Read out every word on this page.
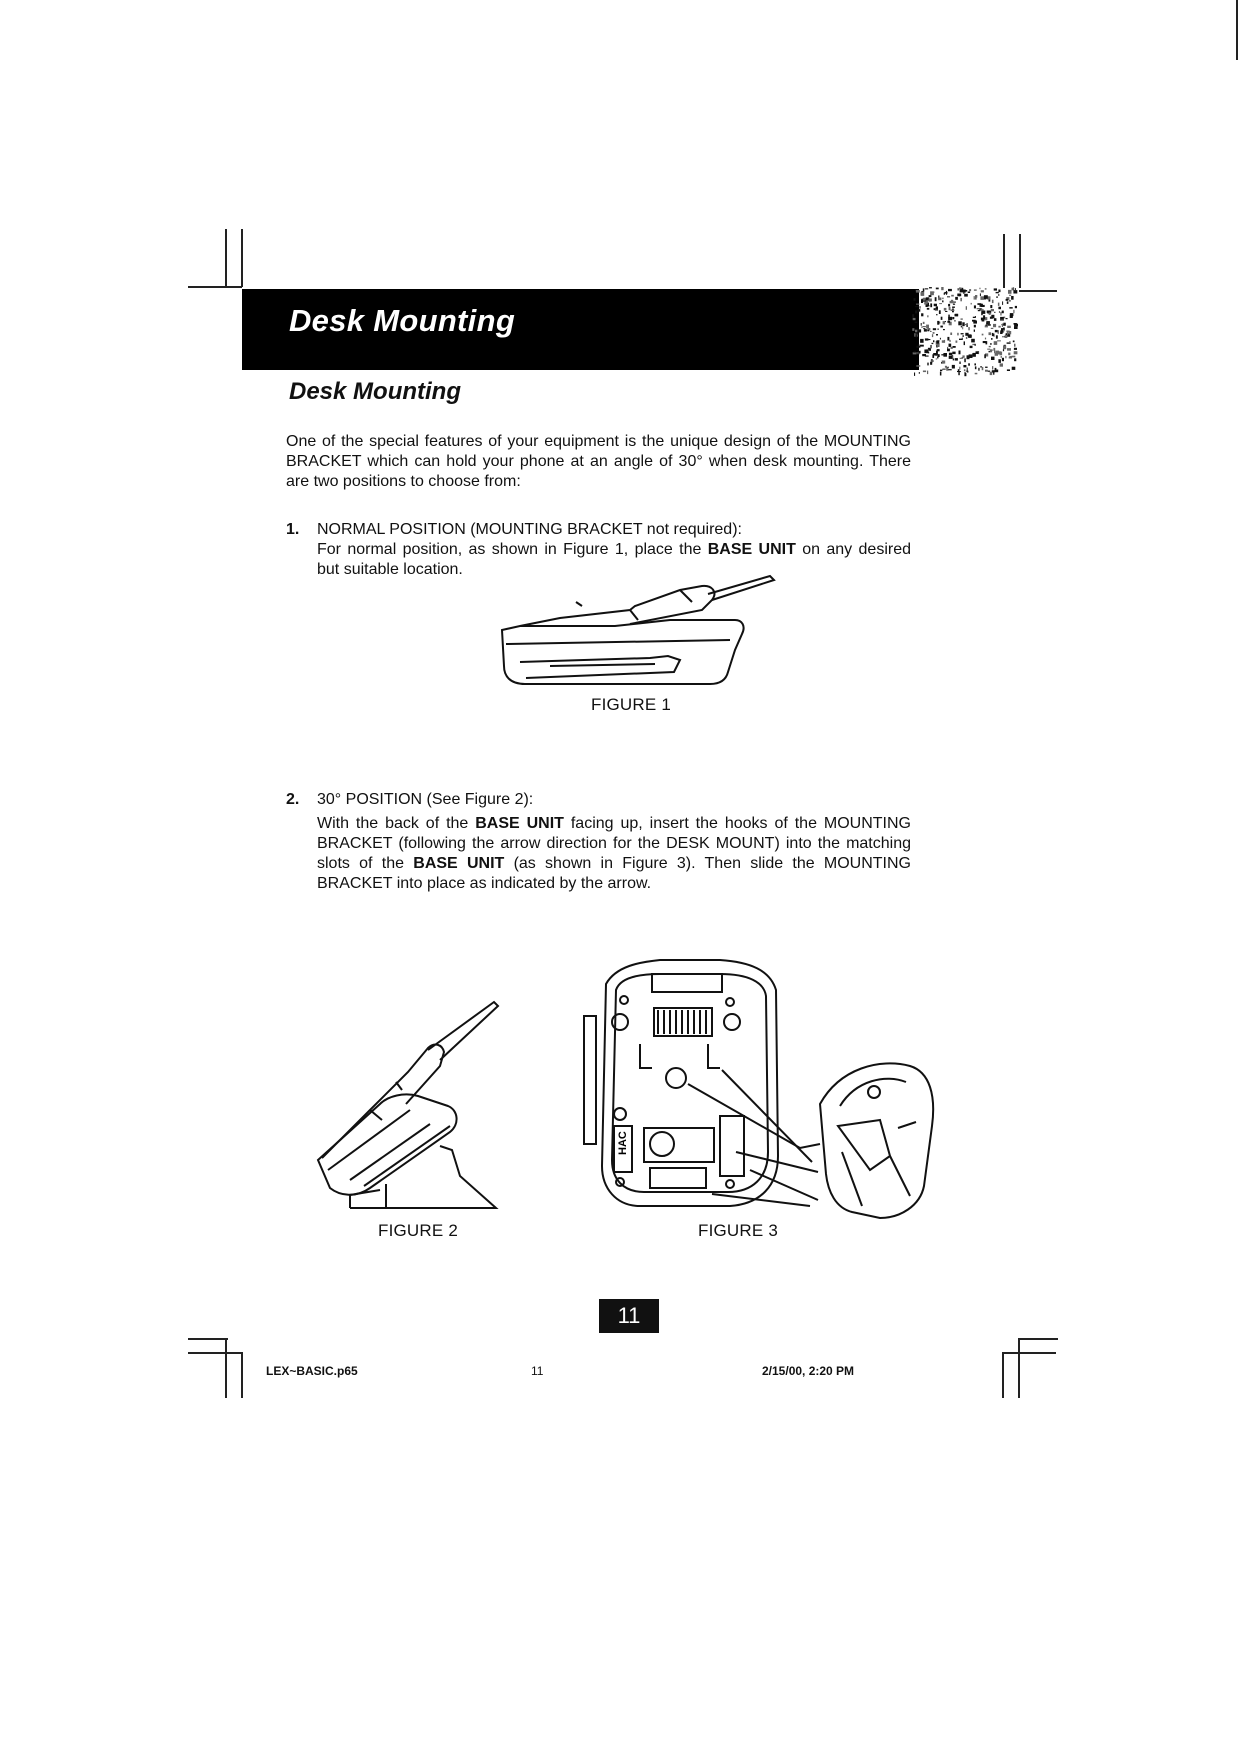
Desk Mounting
Desk Mounting
One of the special features of your equipment is the unique design of the MOUNTING BRACKET which can hold your phone at an angle of 30° when desk mounting. There are two positions to choose from:
1. NORMAL POSITION (MOUNTING BRACKET not required):
For normal position, as shown in Figure 1, place the BASE UNIT on any desired but suitable location.
FIGURE 1
2. 30° POSITION (See Figure 2):
With the back of the BASE UNIT facing up, insert the hooks of the MOUNTING BRACKET (following the arrow direction for the DESK MOUNT) into the matching slots of the BASE UNIT (as shown in Figure 3). Then slide the MOUNTING BRACKET into place as indicated by the arrow.
FIGURE 2
HAC
FIGURE 3
11
LEX~BASIC.p65	11	2/15/00, 2:20 PM
